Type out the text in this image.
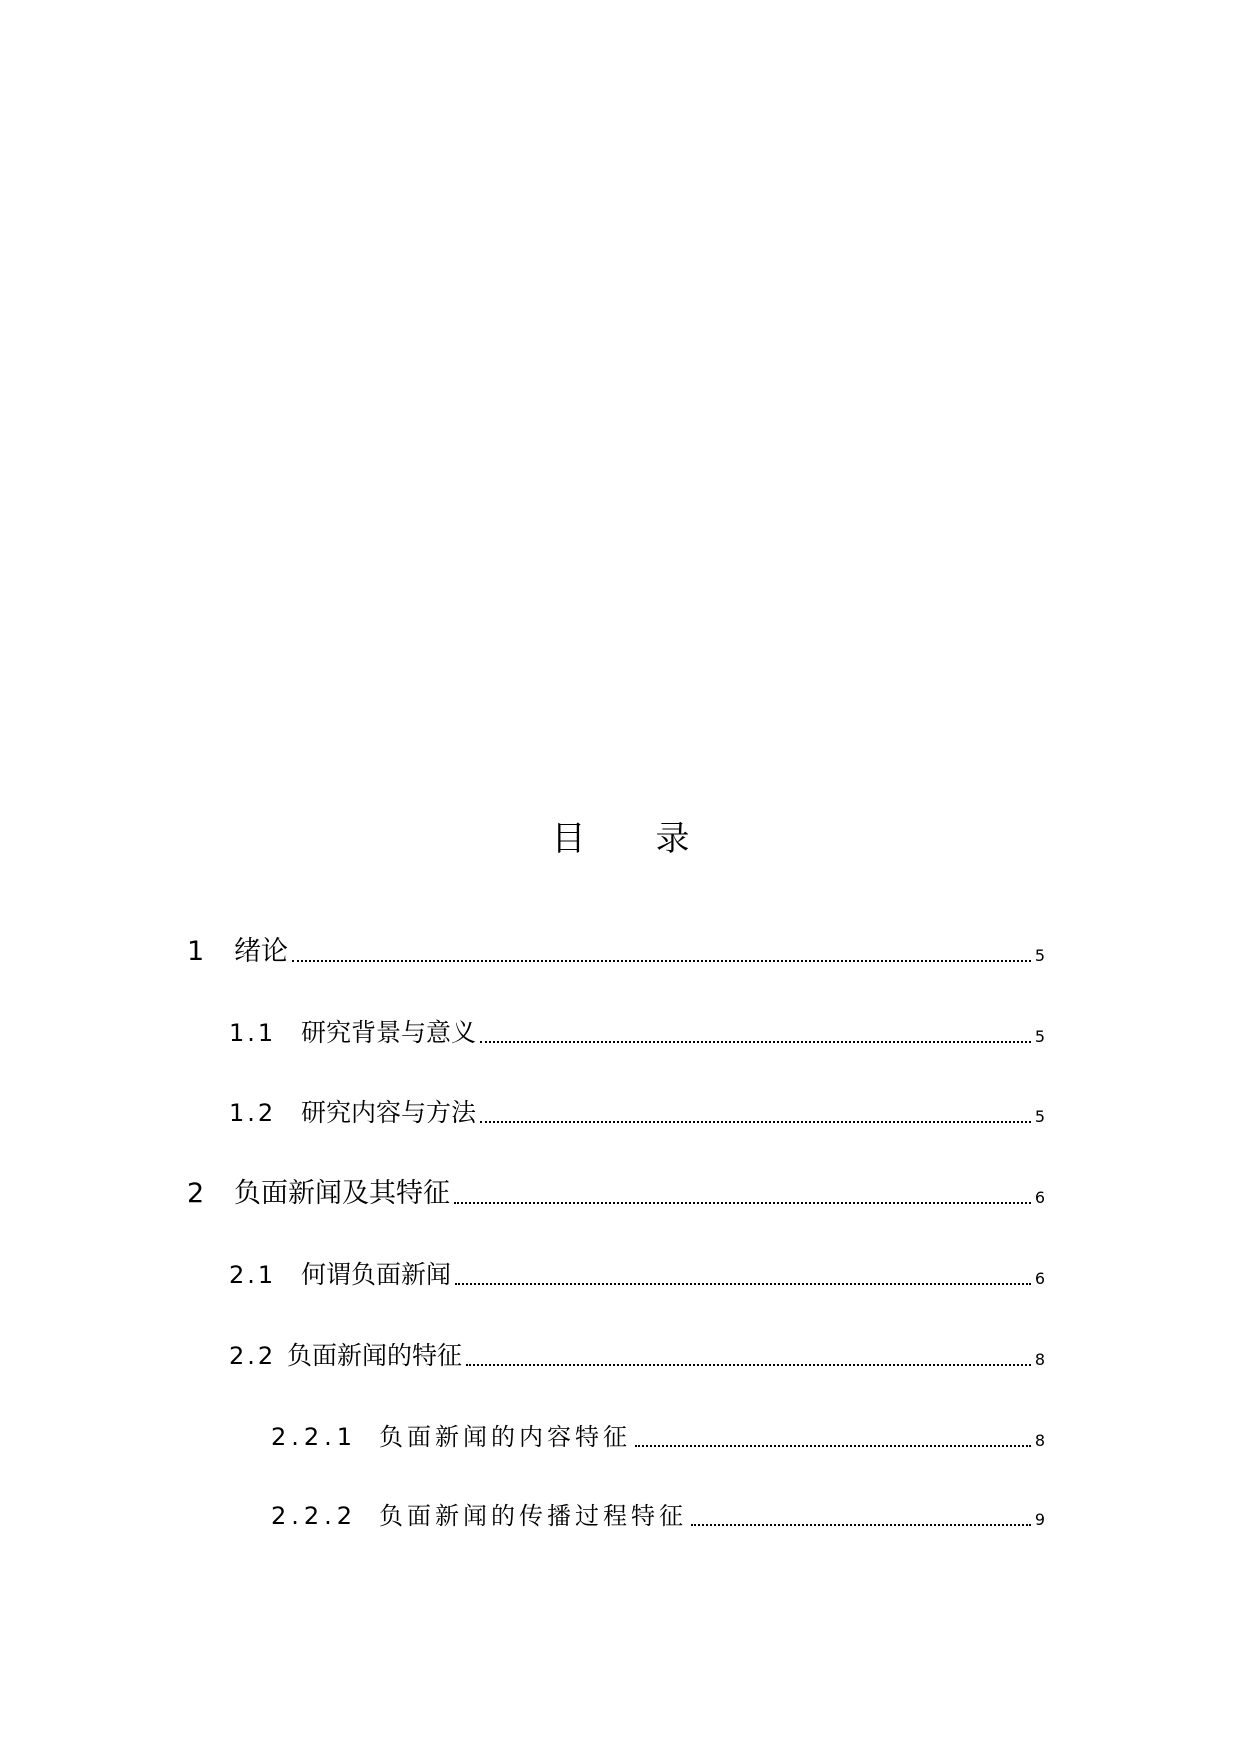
目 录
1	绪论	5
1.1 研究背景与意义	5
1.2 研究内容与方法	5
2	负面新闻及其特征	6
2.1 何谓负面新闻	6
2.2 负面新闻的特征	8
2.2.1 负面新闻的内容特征	8
2.2.2 负面新闻的传播过程特征	9
